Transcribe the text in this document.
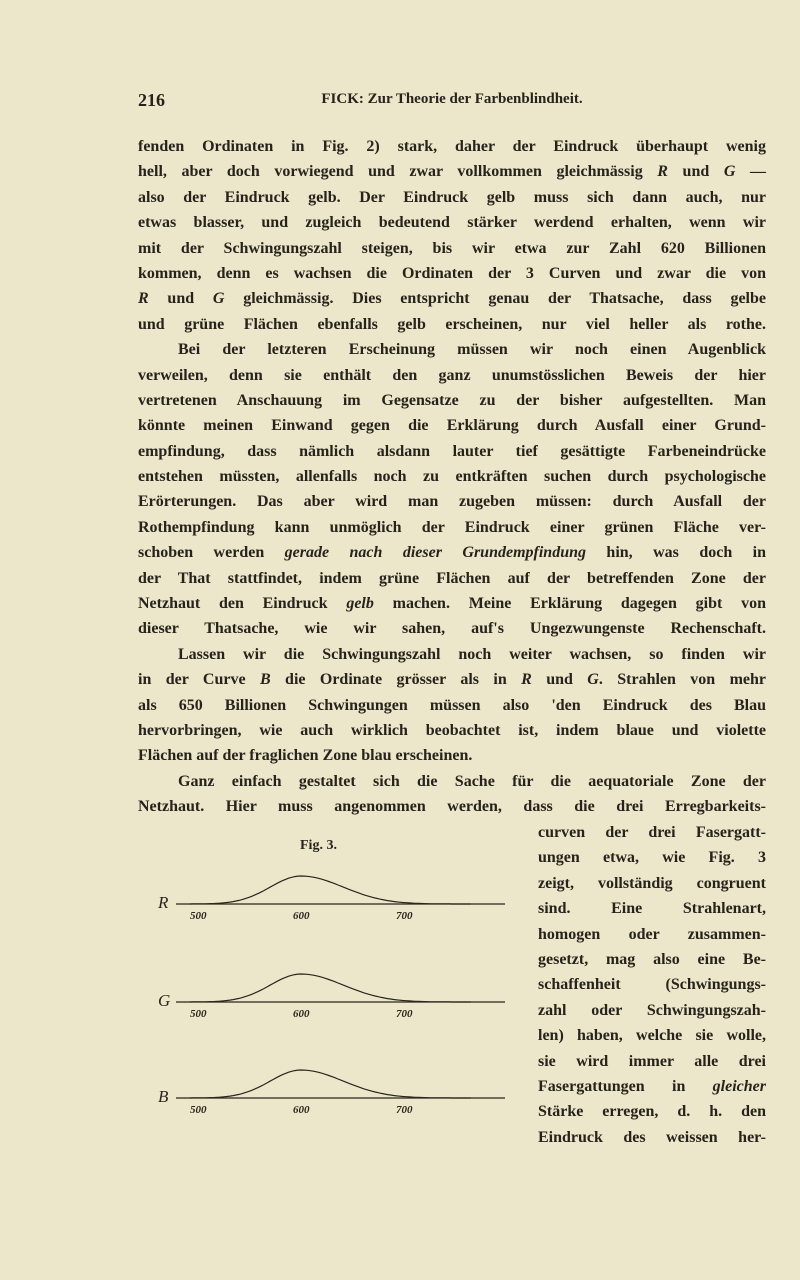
216	FICK: Zur Theorie der Farbenblindheit.
fenden Ordinaten in Fig. 2) stark, daher der Eindruck überhaupt wenig
hell, aber doch vorwiegend und zwar vollkommen gleichmässig R und G —
also der Eindruck gelb. Der Eindruck gelb muss sich dann auch, nur
etwas blasser, und zugleich bedeutend stärker werdend erhalten, wenn wir
mit der Schwingungszahl steigen, bis wir etwa zur Zahl 620 Billionen
kommen, denn es wachsen die Ordinaten der 3 Curven und zwar die von
R und G gleichmässig. Dies entspricht genau der Thatsache, dass gelbe
und grüne Flächen ebenfalls gelb erscheinen, nur viel heller als rothe.
Bei der letzteren Erscheinung müssen wir noch einen Augenblick
verweilen, denn sie enthält den ganz unumstösslichen Beweis der hier
vertretenen Anschauung im Gegensatze zu der bisher aufgestellten. Man
könnte meinen Einwand gegen die Erklärung durch Ausfall einer Grund-
empfindung, dass nämlich alsdann lauter tief gesättigte Farbeneindrücke
entstehen müssten, allenfalls noch zu entkräften suchen durch psychologische
Erörterungen. Das aber wird man zugeben müssen: durch Ausfall der
Rothempfindung kann unmöglich der Eindruck einer grünen Fläche ver-
schoben werden gerade nach dieser Grundempfindung hin, was doch in
der That stattfindet, indem grüne Flächen auf der betreffenden Zone der
Netzhaut den Eindruck gelb machen. Meine Erklärung dagegen gibt von
dieser Thatsache, wie wir sahen, auf's Ungezwungenste Rechenschaft.
Lassen wir die Schwingungszahl noch weiter wachsen, so finden wir
in der Curve B die Ordinate grösser als in R und G. Strahlen von mehr
als 650 Billionen Schwingungen müssen also 'den Eindruck des Blau
hervorbringen, wie auch wirklich beobachtet ist, indem blaue und violette
Flächen auf der fraglichen Zone blau erscheinen.
Ganz einfach gestaltet sich die Sache für die aequatoriale Zone der
Netzhaut. Hier muss angenommen werden, dass die drei Erregbarkeits-
curven der drei Fasergatt-
ungen etwa, wie Fig. 3
zeigt, vollständig congruent
sind. Eine Strahlenart,
homogen oder zusammen-
gesetzt, mag also eine Be-
schaffenheit (Schwingungs-
zahl oder Schwingungszah-
len) haben, welche sie wolle,
sie wird immer alle drei
Fasergattungen in gleicher
Stärke erregen, d. h. den
Eindruck des weissen her-
Fig. 3.
R
500	600	700
G
500	600	700
B
500	600	700
